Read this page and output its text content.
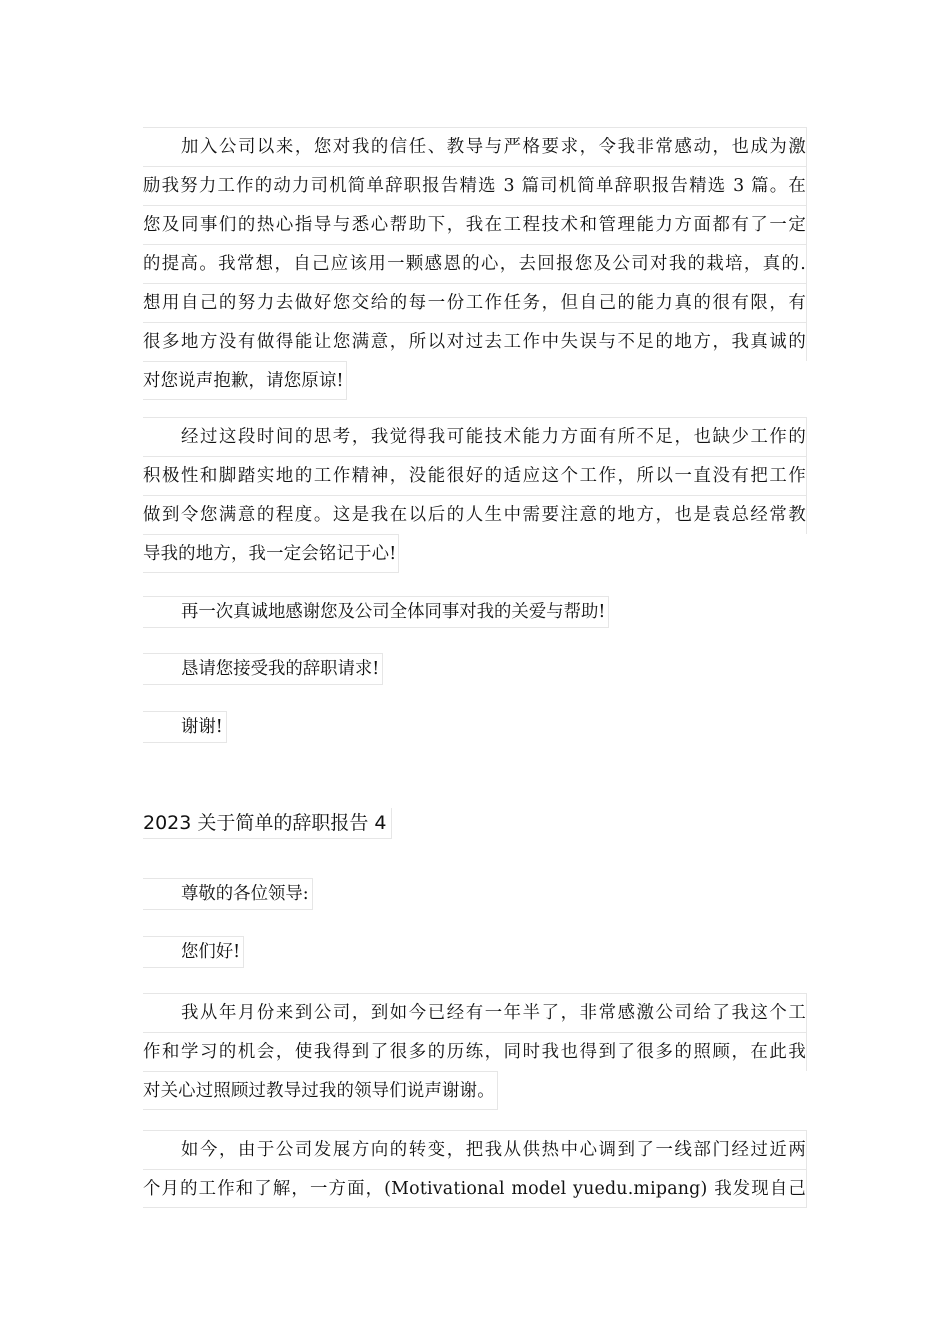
加入公司以来，您对我的信任、教导与严格要求，令我非常感动，也成为激
励我努力工作的动力司机简单辞职报告精选 3 篇司机简单辞职报告精选 3 篇。在
您及同事们的热心指导与悉心帮助下，我在工程技术和管理能力方面都有了一定
的提高。我常想，自己应该用一颗感恩的心，去回报您及公司对我的栽培，真的.
想用自己的努力去做好您交给的每一份工作任务，但自己的能力真的很有限，有
很多地方没有做得能让您满意，所以对过去工作中失误与不足的地方，我真诚的
对您说声抱歉，请您原谅!
经过这段时间的思考，我觉得我可能技术能力方面有所不足，也缺少工作的
积极性和脚踏实地的工作精神，没能很好的适应这个工作，所以一直没有把工作
做到令您满意的程度。这是我在以后的人生中需要注意的地方，也是袁总经常教
导我的地方，我一定会铭记于心!
再一次真诚地感谢您及公司全体同事对我的关爱与帮助!
恳请您接受我的辞职请求!
谢谢!
2023 关于简单的辞职报告 4
尊敬的各位领导:
您们好!
我从年月份来到公司，到如今已经有一年半了，非常感激公司给了我这个工
作和学习的机会，使我得到了很多的历练，同时我也得到了很多的照顾，在此我
对关心过照顾过教导过我的领导们说声谢谢。
如今，由于公司发展方向的转变，把我从供热中心调到了一线部门经过近两
个月的工作和了解，一方面，(Motivational model yuedu.mipang) 我发现自己
